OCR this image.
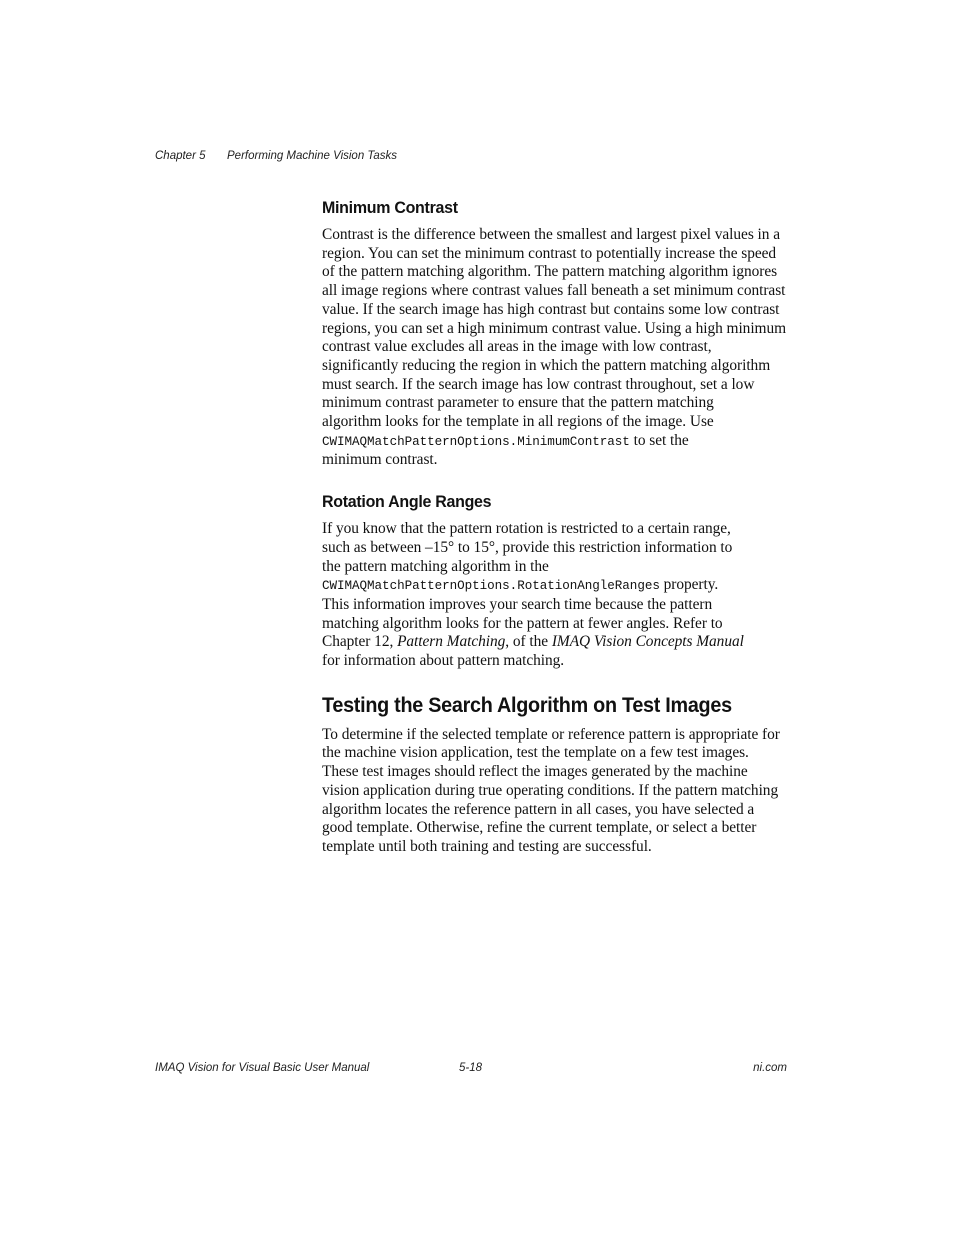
Chapter 5 Performing Machine Vision Tasks
Minimum Contrast

Contrast is the difference between the smallest and largest pixel values in a
region. You can set the minimum contrast to potentially increase the speed
of the pattern matching algorithm. The pattern matching algorithm ignores
all image regions where contrast values fall beneath a set minimum contrast
value. If the search image has high contrast but contains some low contrast
regions, you can set a high minimum contrast value. Using a high minimum
contrast value excludes all areas in the image with low contrast,
significantly reducing the region in which the pattern matching algorithm
must search. If the search image has low contrast throughout, set a low
minimum contrast parameter to ensure that the pattern matching
algorithm looks for the template in all regions of the image. Use
CWIMAQMatchPatternOptions.MinimumContrast to set the
minimum contrast.

Rotation Angle Ranges

If you know that the pattern rotation is restricted to a certain range,
such as between –15° to 15°, provide this restriction information to
the pattern matching algorithm in the
CWIMAQMatchPatternOptions.RotationAngleRanges property.
This information improves your search time because the pattern
matching algorithm looks for the pattern at fewer angles. Refer to
Chapter 12, Pattern Matching, of the IMAQ Vision Concepts Manual
for information about pattern matching.

Testing the Search Algorithm on Test Images

To determine if the selected template or reference pattern is appropriate for
the machine vision application, test the template on a few test images.
These test images should reflect the images generated by the machine
vision application during true operating conditions. If the pattern matching
algorithm locates the reference pattern in all cases, you have selected a
good template. Otherwise, refine the current template, or select a better
template until both training and testing are successful.

IMAQ Vision for Visual Basic User Manual	5-18	ni.com
